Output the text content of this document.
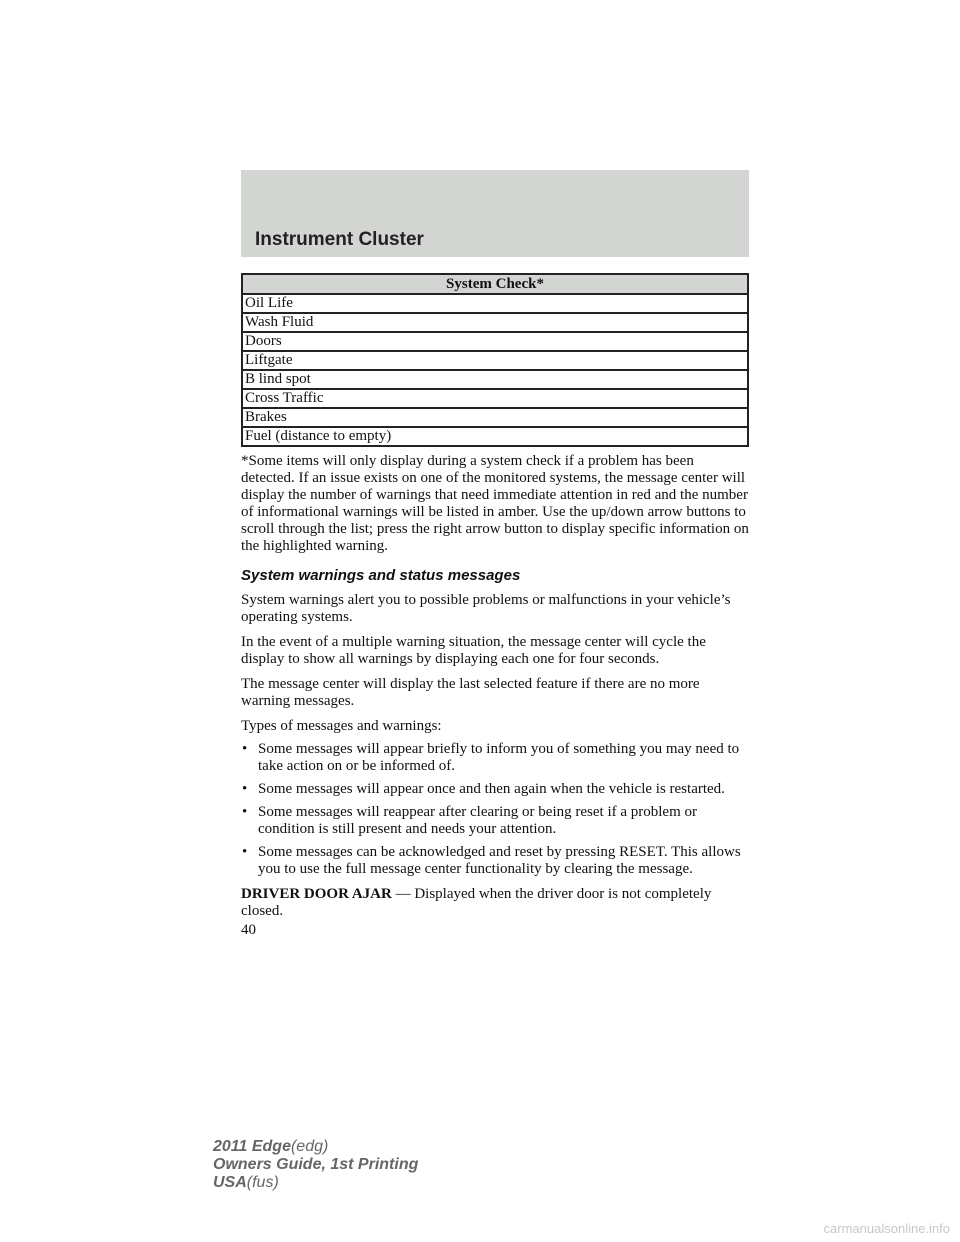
Instrument Cluster
System Check*
Oil Life
Wash Fluid
Doors
Liftgate
B lind spot
Cross Traffic
Brakes
Fuel (distance to empty)

*Some items will only display during a system check if a problem has been detected. If an issue exists on one of the monitored systems, the message center will display the number of warnings that need immediate attention in red and the number of informational warnings will be listed in amber. Use the up/down arrow buttons to scroll through the list; press the right arrow button to display specific information on the highlighted warning.

System warnings and status messages

System warnings alert you to possible problems or malfunctions in your vehicle’s operating systems.

In the event of a multiple warning situation, the message center will cycle the display to show all warnings by displaying each one for four seconds.

The message center will display the last selected feature if there are no more warning messages.

Types of messages and warnings:

• Some messages will appear briefly to inform you of something you may need to take action on or be informed of.
• Some messages will appear once and then again when the vehicle is restarted.
• Some messages will reappear after clearing or being reset if a problem or condition is still present and needs your attention.
• Some messages can be acknowledged and reset by pressing RESET. This allows you to use the full message center functionality by clearing the message.

DRIVER DOOR AJAR — Displayed when the driver door is not completely closed.

40

2011 Edge(edg)
Owners Guide, 1st Printing
USA(fus)
carmanualsonline.info
